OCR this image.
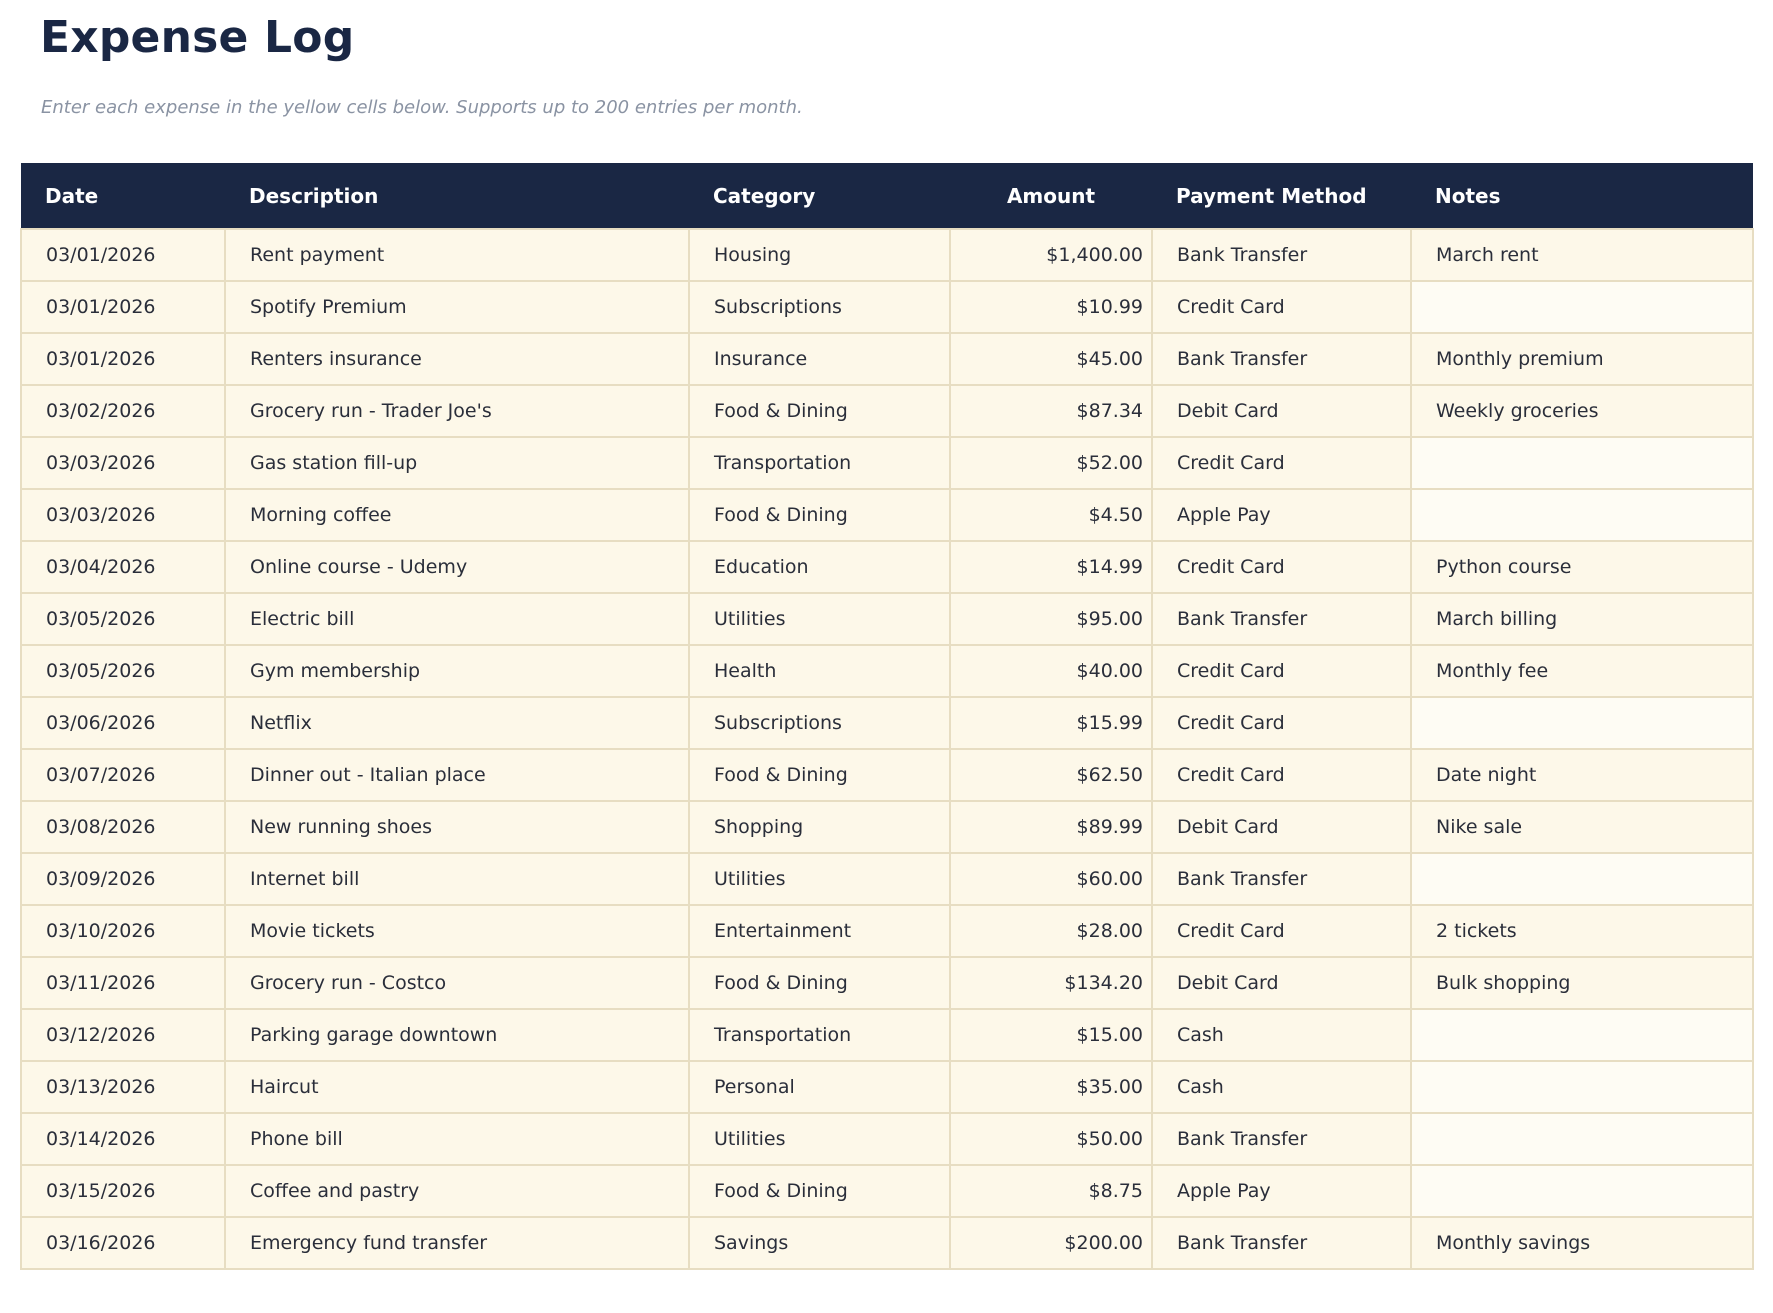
Expense Log

Enter each expense in the yellow cells below. Supports up to 200 entries per month.

Date	Description	Category	Amount	Payment Method	Notes
03/01/2026	Rent payment	Housing	$1,400.00	Bank Transfer	March rent
03/01/2026	Spotify Premium	Subscriptions	$10.99	Credit Card	
03/01/2026	Renters insurance	Insurance	$45.00	Bank Transfer	Monthly premium
03/02/2026	Grocery run - Trader Joe's	Food & Dining	$87.34	Debit Card	Weekly groceries
03/03/2026	Gas station fill-up	Transportation	$52.00	Credit Card	
03/03/2026	Morning coffee	Food & Dining	$4.50	Apple Pay	
03/04/2026	Online course - Udemy	Education	$14.99	Credit Card	Python course
03/05/2026	Electric bill	Utilities	$95.00	Bank Transfer	March billing
03/05/2026	Gym membership	Health	$40.00	Credit Card	Monthly fee
03/06/2026	Netflix	Subscriptions	$15.99	Credit Card	
03/07/2026	Dinner out - Italian place	Food & Dining	$62.50	Credit Card	Date night
03/08/2026	New running shoes	Shopping	$89.99	Debit Card	Nike sale
03/09/2026	Internet bill	Utilities	$60.00	Bank Transfer	
03/10/2026	Movie tickets	Entertainment	$28.00	Credit Card	2 tickets
03/11/2026	Grocery run - Costco	Food & Dining	$134.20	Debit Card	Bulk shopping
03/12/2026	Parking garage downtown	Transportation	$15.00	Cash	
03/13/2026	Haircut	Personal	$35.00	Cash	
03/14/2026	Phone bill	Utilities	$50.00	Bank Transfer	
03/15/2026	Coffee and pastry	Food & Dining	$8.75	Apple Pay	
03/16/2026	Emergency fund transfer	Savings	$200.00	Bank Transfer	Monthly savings
